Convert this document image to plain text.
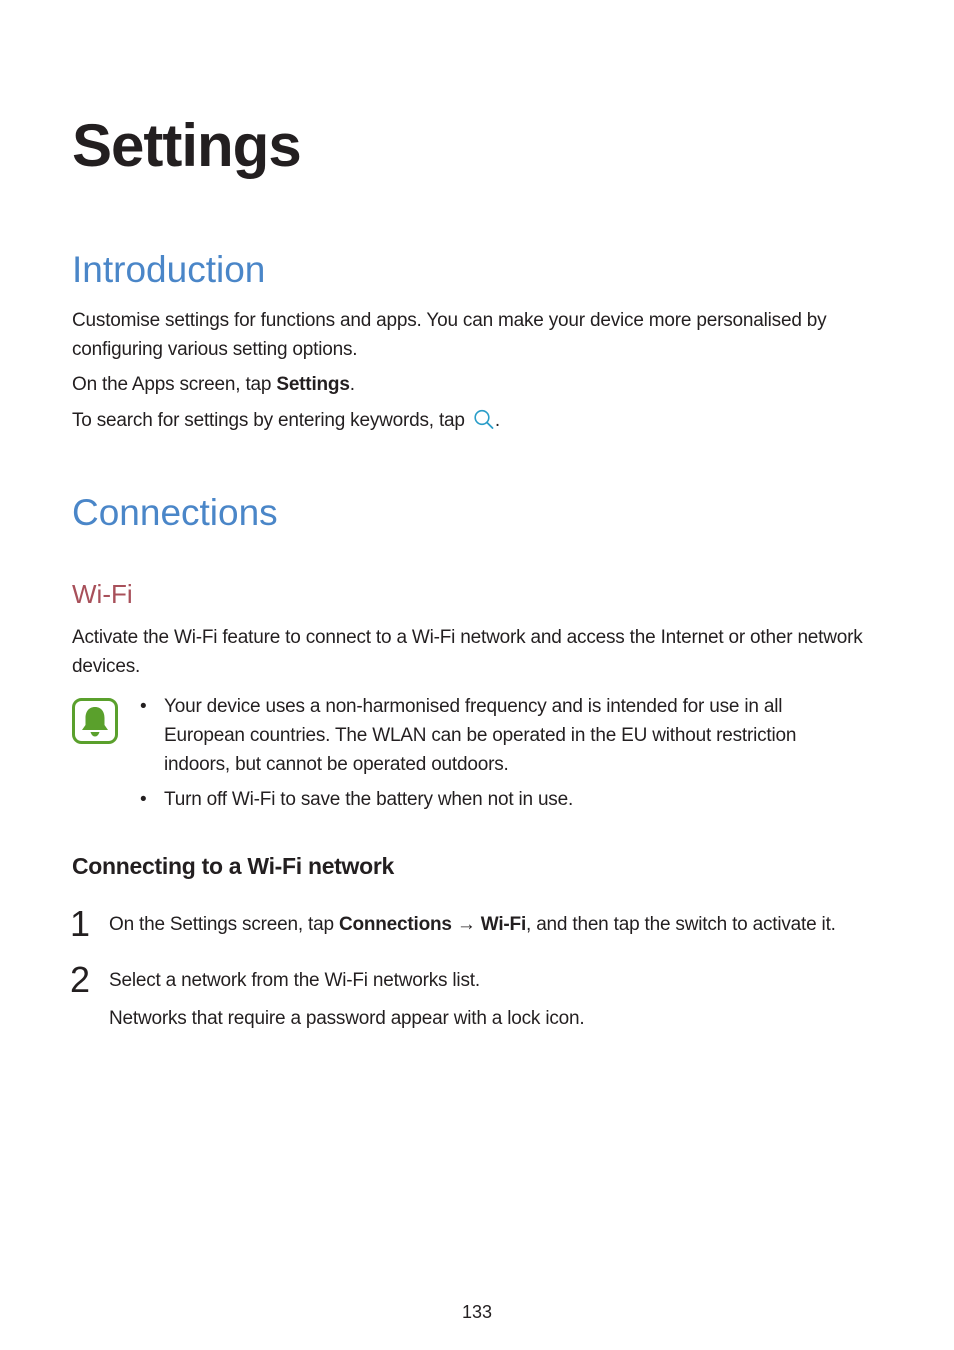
Settings
Introduction

Customise settings for functions and apps. You can make your device more personalised by configuring various setting options.

On the Apps screen, tap Settings.

To search for settings by entering keywords, tap .

Connections
Wi-Fi

Activate the Wi-Fi feature to connect to a Wi-Fi network and access the Internet or other network devices.

• Your device uses a non-harmonised frequency and is intended for use in all European countries. The WLAN can be operated in the EU without restriction indoors, but cannot be operated outdoors.
• Turn off Wi-Fi to save the battery when not in use.
Connecting to a Wi-Fi network
1 On the Settings screen, tap Connections → Wi-Fi, and then tap the switch to activate it.

2 Select a network from the Wi-Fi networks list.

Networks that require a password appear with a lock icon.

133
